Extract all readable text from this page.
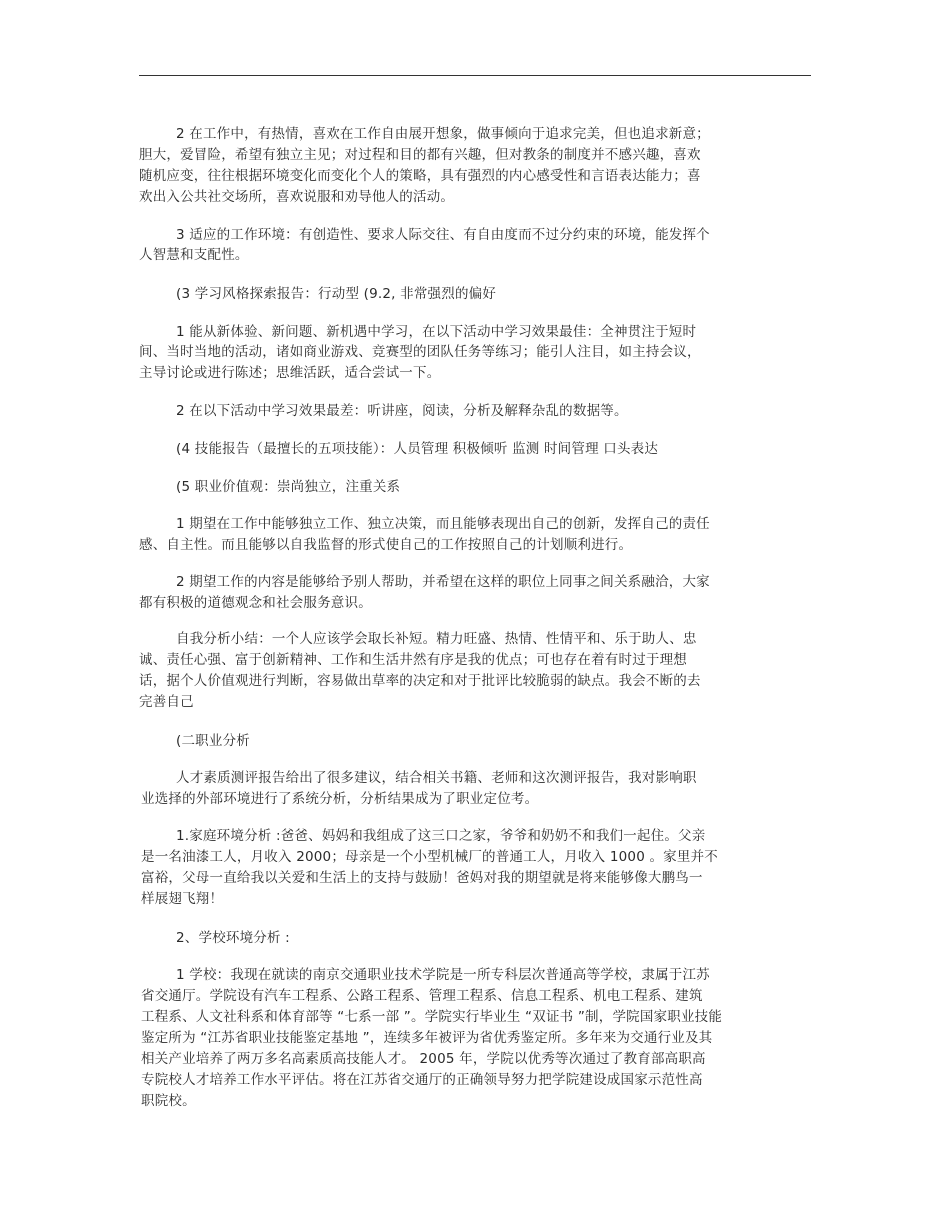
2 在工作中，有热情，喜欢在工作自由展开想象，做事倾向于追求完美，但也追求新意；
胆大，爱冒险，希望有独立主见；对过程和目的都有兴趣，但对教条的制度并不感兴趣，喜欢
随机应变，往往根据环境变化而变化个人的策略，具有强烈的内心感受性和言语表达能力；喜
欢出入公共社交场所，喜欢说服和劝导他人的活动。
3 适应的工作环境：有创造性、要求人际交往、有自由度而不过分约束的环境，能发挥个
人智慧和支配性。
(3 学习风格探索报告：行动型 (9.2, 非常强烈的偏好
1 能从新体验、新问题、新机遇中学习，在以下活动中学习效果最佳：全神贯注于短时
间、当时当地的活动，诸如商业游戏、竞赛型的团队任务等练习；能引人注目，如主持会议，
主导讨论或进行陈述；思维活跃，适合尝试一下。
2 在以下活动中学习效果最差：听讲座，阅读，分析及解释杂乱的数据等。
(4 技能报告（最擅长的五项技能）：人员管理 积极倾听 监测 时间管理 口头表达
(5 职业价值观：崇尚独立，注重关系
1 期望在工作中能够独立工作、独立决策，而且能够表现出自己的创新，发挥自己的责任
感、自主性。而且能够以自我监督的形式使自己的工作按照自己的计划顺利进行。
2 期望工作的内容是能够给予别人帮助，并希望在这样的职位上同事之间关系融洽，大家
都有积极的道德观念和社会服务意识。
自我分析小结：一个人应该学会取长补短。精力旺盛、热情、性情平和、乐于助人、忠
诚、责任心强、富于创新精神、工作和生活井然有序是我的优点；可也存在着有时过于理想
话，据个人价值观进行判断，容易做出草率的决定和对于批评比较脆弱的缺点。我会不断的去
完善自己
(二职业分析
人才素质测评报告给出了很多建议，结合相关书籍、老师和这次测评报告，我对影响职
业选择的外部环境进行了系统分析，分析结果成为了职业定位考。
1.家庭环境分析 :爸爸、妈妈和我组成了这三口之家，爷爷和奶奶不和我们一起住。父亲
是一名油漆工人，月收入 2000；母亲是一个小型机械厂的普通工人，月收入 1000 。家里并不
富裕，父母一直给我以关爱和生活上的支持与鼓励！爸妈对我的期望就是将来能够像大鹏鸟一
样展翅飞翔！
2、学校环境分析 :
1 学校：我现在就读的南京交通职业技术学院是一所专科层次普通高等学校，隶属于江苏
省交通厅。学院设有汽车工程系、公路工程系、管理工程系、信息工程系、机电工程系、建筑
工程系、人文社科系和体育部等 “七系一部 ”。学院实行毕业生 “双证书 ”制，学院国家职业技能
鉴定所为 “江苏省职业技能鉴定基地 ”，连续多年被评为省优秀鉴定所。多年来为交通行业及其
相关产业培养了两万多名高素质高技能人才。 2005 年，学院以优秀等次通过了教育部高职高
专院校人才培养工作水平评估。将在江苏省交通厅的正确领导努力把学院建设成国家示范性高
职院校。
